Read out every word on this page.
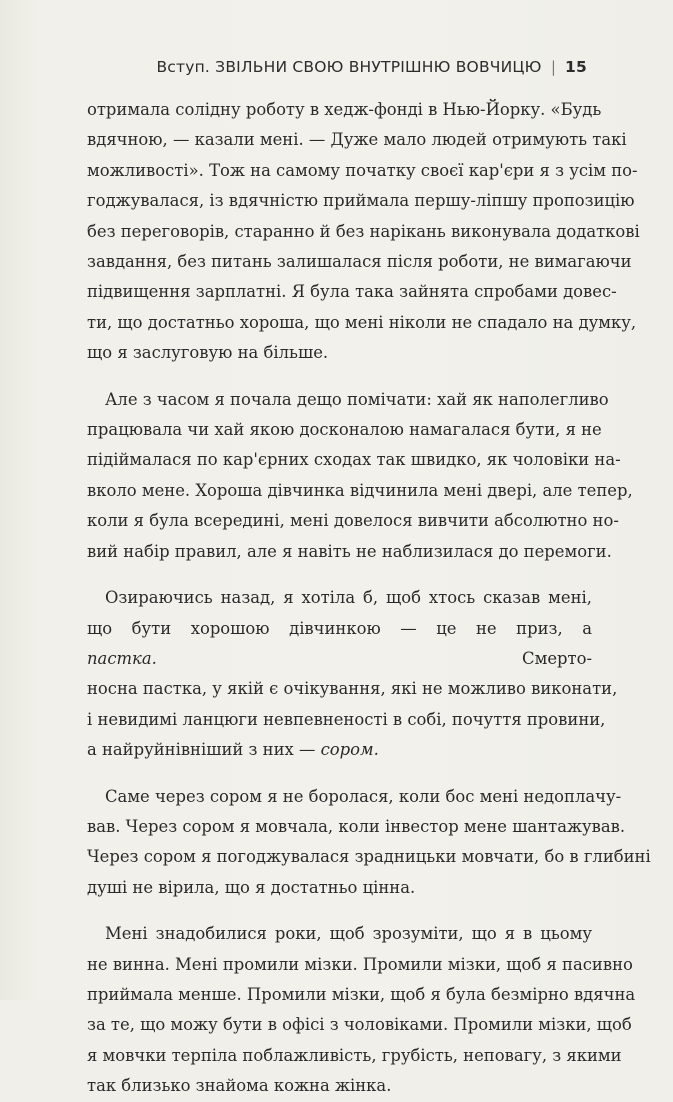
Вступ. ЗВІЛЬНИ СВОЮ ВНУТРІШНЮ ВОВЧИЦЮ | 15

отримала солідну роботу в хедж-фонді в Нью-Йорку. «Будь
вдячною, — казали мені. — Дуже мало людей отримують такі
можливості». Тож на самому початку своєї кар'єри я з усім по-
годжувалася, із вдячністю приймала першу-ліпшу пропозицію
без переговорів, старанно й без нарікань виконувала додаткові
завдання, без питань залишалася після роботи, не вимагаючи
підвищення зарплатні. Я була така зайнята спробами довес-
ти, що достатньо хороша, що мені ніколи не спадало на думку,
що я заслуговую на більше.

Але з часом я почала дещо помічати: хай як наполегливо
працювала чи хай якою досконалою намагалася бути, я не
підіймалася по кар'єрних сходах так швидко, як чоловіки на-
вколо мене. Хороша дівчинка відчинила мені двері, але тепер,
коли я була всередині, мені довелося вивчити абсолютно но-
вий набір правил, але я навіть не наблизилася до перемоги.

Озираючись назад, я хотіла б, щоб хтось сказав мені,
що бути хорошою дівчинкою — це не приз, а пастка.	Смерто-
носна пастка, у якій є очікування, які не можливо виконати,
і невидимі ланцюги невпевненості в собі, почуття провини,
а найруйнівніший з них — сором.

Саме через сором я не боролася, коли бос мені недоплачу-
вав. Через сором я мовчала, коли інвестор мене шантажував.
Через сором я погоджувалася зрадницьки мовчати, бо в глибині
душі не вірила, що я достатньо цінна.

Мені знадобилися роки, щоб зрозуміти, що я в цьому
не винна. Мені промили мізки. Промили мізки, щоб я пасивно
приймала менше. Промили мізки, щоб я була безмірно вдячна
за те, що можу бути в офісі з чоловіками. Промили мізки, щоб
я мовчки терпіла поблажливість, грубість, неповагу, з якими
так близько знайома кожна жінка.
